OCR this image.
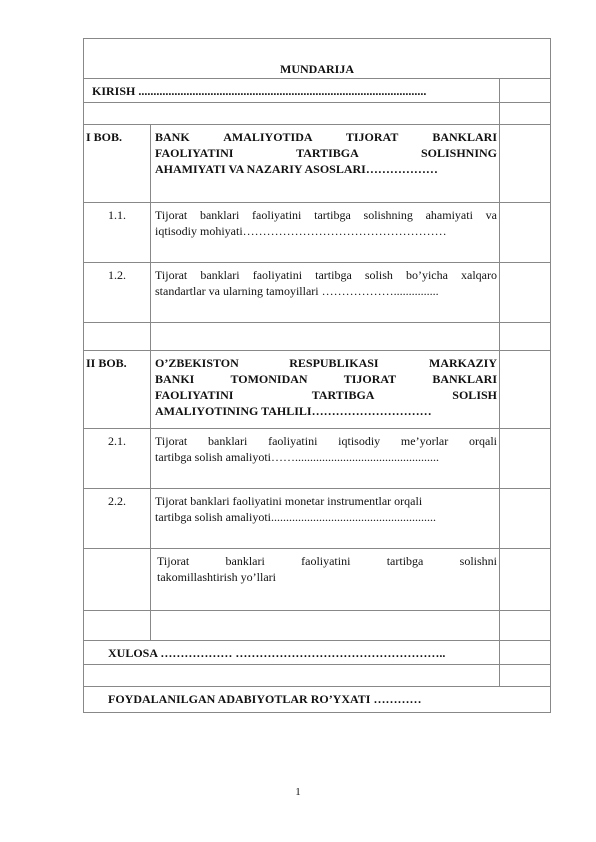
MUNDARIJA		

KIRISH ................................................................................................		

I BOB.	BANK AMALIYOTIDA TIJORAT BANKLARI
FAOLIYATINI TARTIBGA SOLISHNING
AHAMIYATI VA NAZARIY ASOSLARI………………	

1.1.	Tijorat banklari faoliyatini tartibga solishning ahamiyati va
iqtisodiy mohiyati……………………………………………	

1.2.	Tijorat banklari faoliyatini tartibga solish bo’yicha xalqaro
standartlar va ularning tamoyillari ………………...............	

II BOB.	O’ZBEKISTON RESPUBLIKASI MARKAZIY
BANKI TOMONIDAN TIJORAT BANKLARI
FAOLIYATINI TARTIBGA SOLISH
AMALIYOTINING TAHLILI…………………………	

2.1.	Tijorat banklari faoliyatini iqtisodiy me’yorlar orqali
tartibga solish amaliyoti……................................................	

2.2.	Tijorat banklari faoliyatini monetar instrumentlar orqali
tartibga solish amaliyoti.......................................................	

	Tijorat banklari faoliyatini tartibga solishni
takomillashtirish yo’llari	

XULOSA ……………… ……………………………………………..		

FOYDALANILGAN ADABIYOTLAR RO’YXATI …………		
1
